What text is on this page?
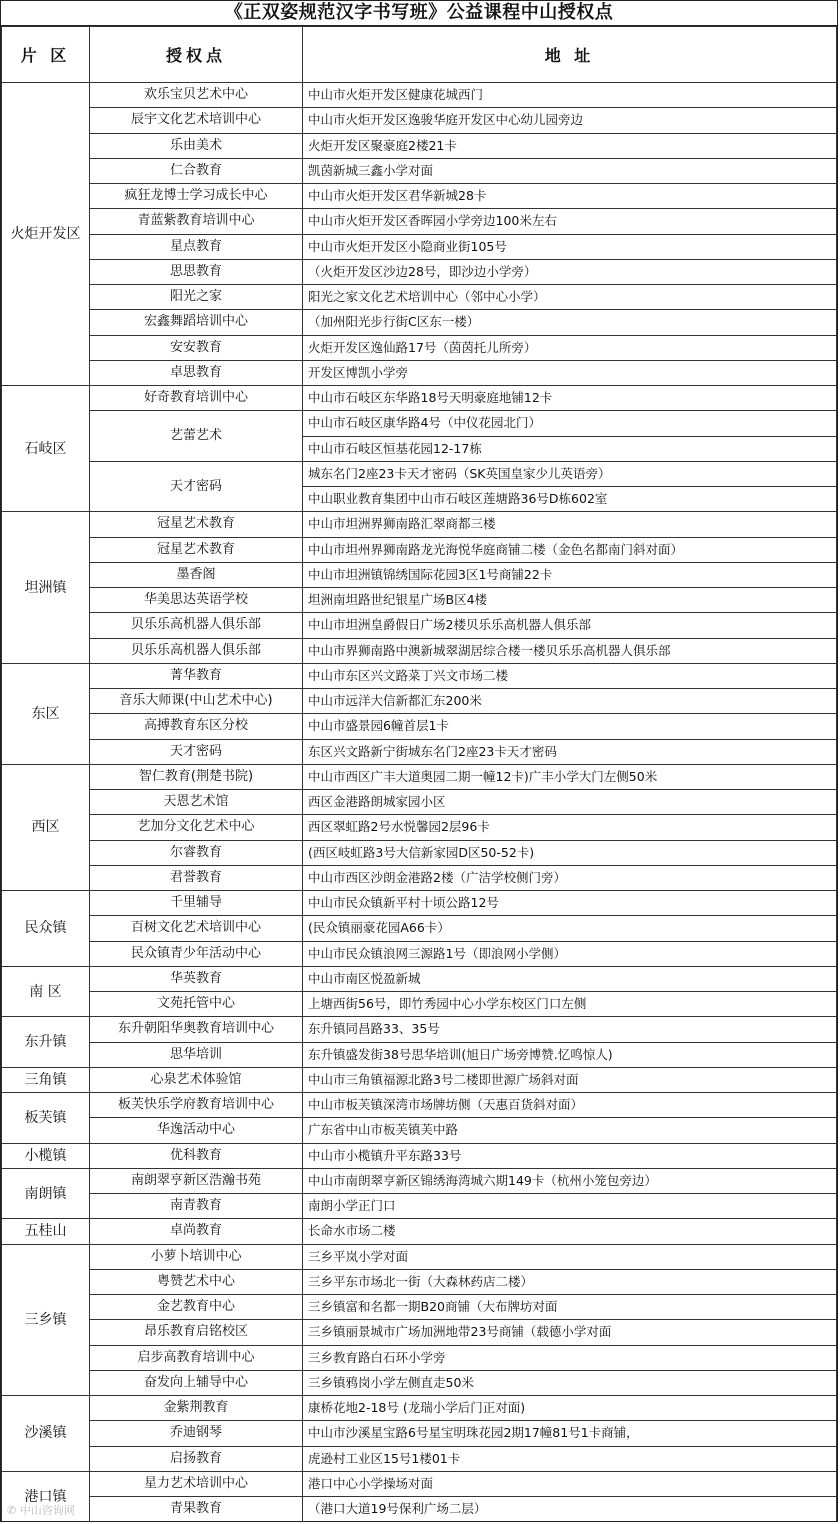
《正双姿规范汉字书写班》公益课程中山授权点
片 区	授权点	地 址
火炬开发区	欢乐宝贝艺术中心	中山市火炬开发区健康花城西门
	辰宇文化艺术培训中心	中山市火炬开发区逸骏华庭开发区中心幼儿园旁边
	乐由美术	火炬开发区聚豪庭2楼21卡
	仁合教育	凯茵新城三鑫小学对面
	疯狂龙博士学习成长中心	中山市火炬开发区君华新城28卡
	青蓝紫教育培训中心	中山市火炬开发区香晖园小学旁边100米左右
	星点教育	中山市火炬开发区小隐商业街105号
	思思教育	（火炬开发区沙边28号，即沙边小学旁）
	阳光之家	阳光之家文化艺术培训中心（邻中心小学）
	宏鑫舞蹈培训中心	（加州阳光步行街C区东一楼）
	安安教育	火炬开发区逸仙路17号（茵茵托儿所旁）
	卓思教育	开发区博凯小学旁
石岐区	好奇教育培训中心	中山市石岐区东华路18号天明豪庭地铺12卡
	艺蕾艺术	中山市石岐区康华路4号（中仪花园北门）
		中山市石岐区恒基花园12-17栋
	天才密码	城东名门2座23卡天才密码（SK英国皇家少儿英语旁）
		中山职业教育集团中山市石岐区莲塘路36号D栋602室
坦洲镇	冠星艺术教育	中山市坦洲界狮南路汇翠商都三楼
	冠星艺术教育	中山市坦州界狮南路龙光海悦华庭商铺二楼（金色名都南门斜对面）
	墨香阁	中山市坦洲镇锦绣国际花园3区1号商铺22卡
	华美思达英语学校	坦洲南坦路世纪银星广场B区4楼
	贝乐乐高机器人俱乐部	中山市坦洲皇爵假日广场2楼贝乐乐高机器人俱乐部
	贝乐乐高机器人俱乐部	中山市界狮南路中澳新城翠湖居综合楼一楼贝乐乐高机器人俱乐部
东区	菁华教育	中山市东区兴文路菜丁兴文市场二楼
	音乐大师课(中山艺术中心)	中山市远洋大信新都汇东200米
	高搏教育东区分校	中山市盛景园6幢首层1卡
	天才密码	东区兴文路新宁街城东名门2座23卡天才密码
西区	智仁教育(荆楚书院)	中山市西区广丰大道奥园二期一幢12卡)广丰小学大门左侧50米
	天恩艺术馆	西区金港路朗城家园小区
	艺加分文化艺术中心	西区翠虹路2号水悦馨园2层96卡
	尔睿教育	(西区岐虹路3号大信新家园D区50-52卡)
	君誉教育	中山市西区沙朗金港路2楼（广洁学校侧门旁）
民众镇	千里辅导	中山市民众镇新平村十顷公路12号
	百树文化艺术培训中心	(民众镇丽豪花园A66卡）
	民众镇青少年活动中心	中山市民众镇浪网三源路1号（即浪网小学侧）
南 区	华英教育	中山市南区悦盈新城
	文苑托管中心	上塘西街56号，即竹秀园中心小学东校区门口左侧
东升镇	东升朝阳华奥教育培训中心	东升镇同昌路33、35号
	思华培训	东升镇盛发街38号思华培训(旭日广场旁博赞.忆鸣惊人)
三角镇	心泉艺术体验馆	中山市三角镇福源北路3号二楼即世源广场斜对面
板芙镇	板芙快乐学府教育培训中心	中山市板芙镇深湾市场牌坊侧（天惠百货斜对面）
	华逸活动中心	广东省中山市板芙镇芙中路
小榄镇	优科教育	中山市小榄镇升平东路33号
南朗镇	南朗翠亨新区浩瀚书苑	中山市南朗翠亨新区锦绣海湾城六期149卡（杭州小笼包旁边）
	南青教育	南朗小学正门口
五桂山	卓尚教育	长命水市场二楼
三乡镇	小萝卜培训中心	三乡平岚小学对面
	粤赞艺术中心	三乡平东市场北一街（大森林药店二楼）
	金艺教育中心	三乡镇富和名都一期B20商铺（大布牌坊对面
	昂乐教育启铭校区	三乡镇丽景城市广场加洲地带23号商铺（载德小学对面
	启步高教育培训中心	三乡教育路白石环小学旁
	奋发向上辅导中心	三乡镇鸦岗小学左侧直走50米
沙溪镇	金紫荆教育	康桥花地2-18号 (龙瑞小学后门正对面)
	乔迪钢琴	中山市沙溪星宝路6号星宝明珠花园2期17幢81号1卡商铺，
	启扬教育	虎逊村工业区15号1楼01卡
港口镇	星力艺术培训中心	港口中心小学操场对面
	青果教育	（港口大道19号保利广场二层）
✆ 中山咨询网
